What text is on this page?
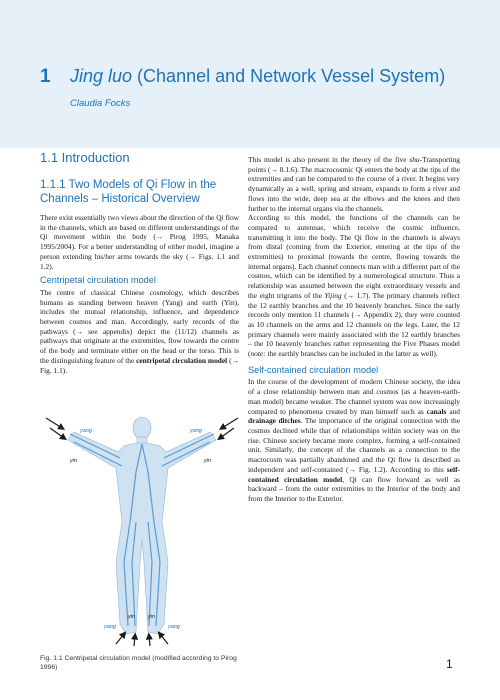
1 Jing luo (Channel and Network Vessel System)
Claudia Focks
1.1 Introduction
1.1.1 Two Models of Qi Flow in the Channels – Historical Overview

There exist essentially two views about the direction of the Qi flow in the channels, which are based on different understandings of the Qi movement within the body (→ Pirog 1995, Manaka 1995/2004). For a better understanding of either model, imagine a person extending his/her arms towards the sky (→ Figs. 1.1 and 1.2).

Centripetal circulation model

The centre of classical Chinese cosmology, which describes humans as standing between heaven (Yang) and earth (Yin), includes the mutual relationship, influence, and dependence between cosmos and man. Accordingly, early records of the pathways (→ see appendix) depict the (11/12) channels as pathways that originate at the extremities, flow towards the centre of the body and terminate either on the head or the torso. This is the distinguishing feature of the centripetal circulation model (→ Fig. 1.1).

This model is also present in the theory of the five shu-Transporting points (→ 8.1.6). The macrocosmic Qi enters the body at the tips of the extremities and can be compared to the course of a river. It begins very dynamically as a well, spring and stream, expands to form a river and flows into the wide, deep sea at the elbows and the knees and then further to the internal organs via the channels.

According to this model, the functions of the channels can be compared to antennae, which receive the cosmic influence, transmitting it into the body. The Qi flow in the channels is always from distal (coming from the Exterior, entering at the tips of the extremities) to proximal (towards the centre, flowing towards the internal organs). Each channel connects man with a different part of the cosmos, which can be identified by a numerological structure. Thus a relationship was assumed between the eight extraordinary vessels and the eight trigrams of the Yijing (→ 1.7). The primary channels reflect the 12 earthly branches and the 10 heavenly branches. Since the early records only mention 11 channels (→ Appendix 2), they were counted as 10 channels on the arms and 12 channels on the legs. Later, the 12 primary channels were mainly associated with the 12 earthly branches – the 10 heavenly branches rather representing the Five Phases model (note: the earthly branches can be included in the latter as well).

Self-contained circulation model

In the course of the development of modern Chinese society, the idea of a close relationship between man and cosmos (as a heaven-earth-man model) became weaker. The channel system was now increasingly compared to phenomena created by man himself such as canals and drainage ditches. The importance of the original connection with the cosmos declined while that of relationships within society was on the rise. Chinese society became more complex, forming a self-contained unit. Similarly, the concept of the channels as a connection to the macrocosm was partially abandoned and the Qi flow is described as independent and self-contained (→ Fig. 1.2). According to this self-contained circulation model, Qi can flow forward as well as backward – from the outer extremities to the Interior of the body and from the Interior to the Exterior.

yang	yang
yin	yin
yang
yin yin
yang
Fig. 1.1 Centripetal circulation model (modified according to Pirog 1996)	1
